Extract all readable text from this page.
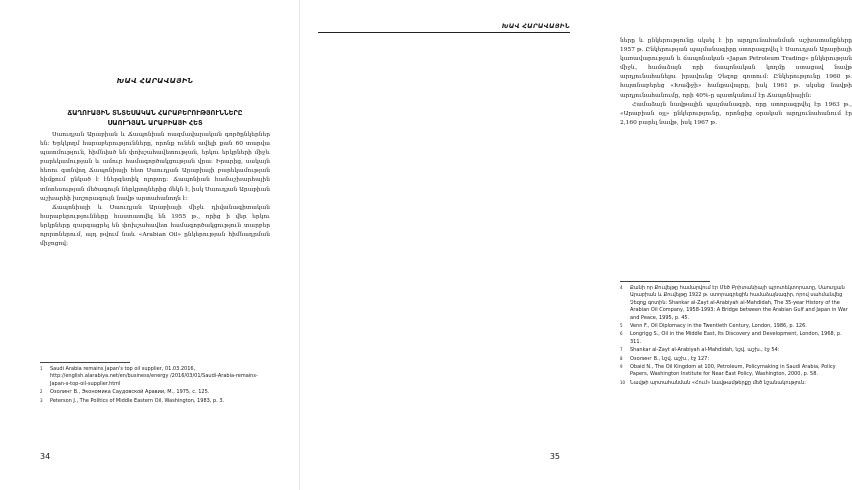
ԽԱՎ ՀԱՐԱՎԱՅԻՆ
ՃԱՂՈՒԱՅԻՆ ՏՆՏԵՍԱԿԱՆ ՀԱՐԱԲԵՐՈՒԹՅՈՒՆՆԵՐԸ
ՍԱՈՒԴՅԱՆ ԱՐԱԲԻԱՅԻ ՀԵՏ

Սաուդյան Արաբիան և Ճապոնիան ռազմավարական գործընկերներ են: Երկկողմ հարաբերությունները, որոնք ունեն ավելի քան 60 տարվա պատմություն, հիմնված են փոխշահավետության, երկու երկրների միջև բարեկամության և ամուր համագործակցության վրա: Իրարից, սակայն հեռու գտնվող Ճապոնիայի հետ Սաուդյան Արաբիայի բարեկամության հիմքում ընկած է էներգետիկ ոլորտը: Ճապոնիան համաշխարհային տնտեսության մեծագույն ներկրողներից մեկն է, իսկ Սաուդյան Արաբիան աշխարհի խոշորագույն նավթ արտահանողն է:

Ճապոնիայի և Սաուդյան Արաբիայի միջև դիվանագիտական հարաբերությունները հաստատվել են 1955 թ., որից ի վեր երկու երկրները զարգացրել են փոխշահավետ համագործակցություն տարբեր ոլորտներում, այդ թվում նաև «Arabian Oil» ընկերության հիմնադրման միջոցով:

1 Saudi Arabia remains Japan's top oil supplier, 01.03.2016, http://english.alarabiya.net/en/business/energy /2016/03/01/Saudi-Arabia-remains-Japan-s-top-oil-supplier.html
2 Озолинг В., Экономика Саудовской Аравии, М., 1975, с. 125.
3 Peterson J., The Politics of Middle Eastern Oil, Washington, 1983, p. 3.
34
ԽԱՎ ՀԱՐԱՎԱՅԻՆ

ները և ընկերությունը սկսել է իր արդյունահանման աշխատանքները 1957 թ. Ընկերության պայմանագիրը ստորագրվել է Սաուդյան Արաբիայի կառավարության և ճապոնական «Japan Petroleum Trading» ընկերության միջև, համաձայն որի ճապոնական կողմը ստացավ նավթ արդյունահանելու իրավունք Չեզոք գոտում: Ընկերությունը 1960 թ. հայտնաբերեց «Խաֆջի» հանքավայրը, իսկ 1961 թ. սկսեց նավթի արդյունահանումը, որի 40%-ը պատկանում էր Ճապոնիային:

Համաձայն նավթային պայմանագրի, որը ստորագրվել էր 1963 թ., «Արաբիան օյլ» ընկերությունը, որոնցից օրական արդյունահանում էր 2,160 բարել նավթ, իսկ 1967 թ.

4 Քանի որ Քուվեյթը համարվում էր Մեծ Բրիտանիայի պրոտեկտորատը, Սաուդյան Արաբիան և Քուվեյթը 1922 թ. ստորագրեցին համաձայնագիր, որով սահմանվեց Չեզոք գոտին: Shankar al-Zayt al-Arabiyah al-Mahdidah, The 35-year History of the Arabian Oil Company, 1958-1993: A Bridge between the Arabian Gulf and Japan in War and Peace, 1995, p. 45.
5 Venn F., Oil Diplomacy in the Twentieth Century, London, 1986, p. 126.
6 Longrigg S., Oil in the Middle East, Its Discovery and Development, London, 1968, p. 311.
7 Shankar al-Zayt al-Arabiyah al-Mahdidah, նշվ. աշխ., էջ 54:
8 Озолинг В., նշվ. աշխ., էջ 127:
9 Obaid N., The Oil Kingdom at 100, Petroleum, Policymaking in Saudi Arabia, Policy Papers, Washington Institute for Near East Policy, Washington, 2000, p. 58.
10 Նավթի արտահանման «Հում» նավթամթերքը մեծ նշանակություն:
35
